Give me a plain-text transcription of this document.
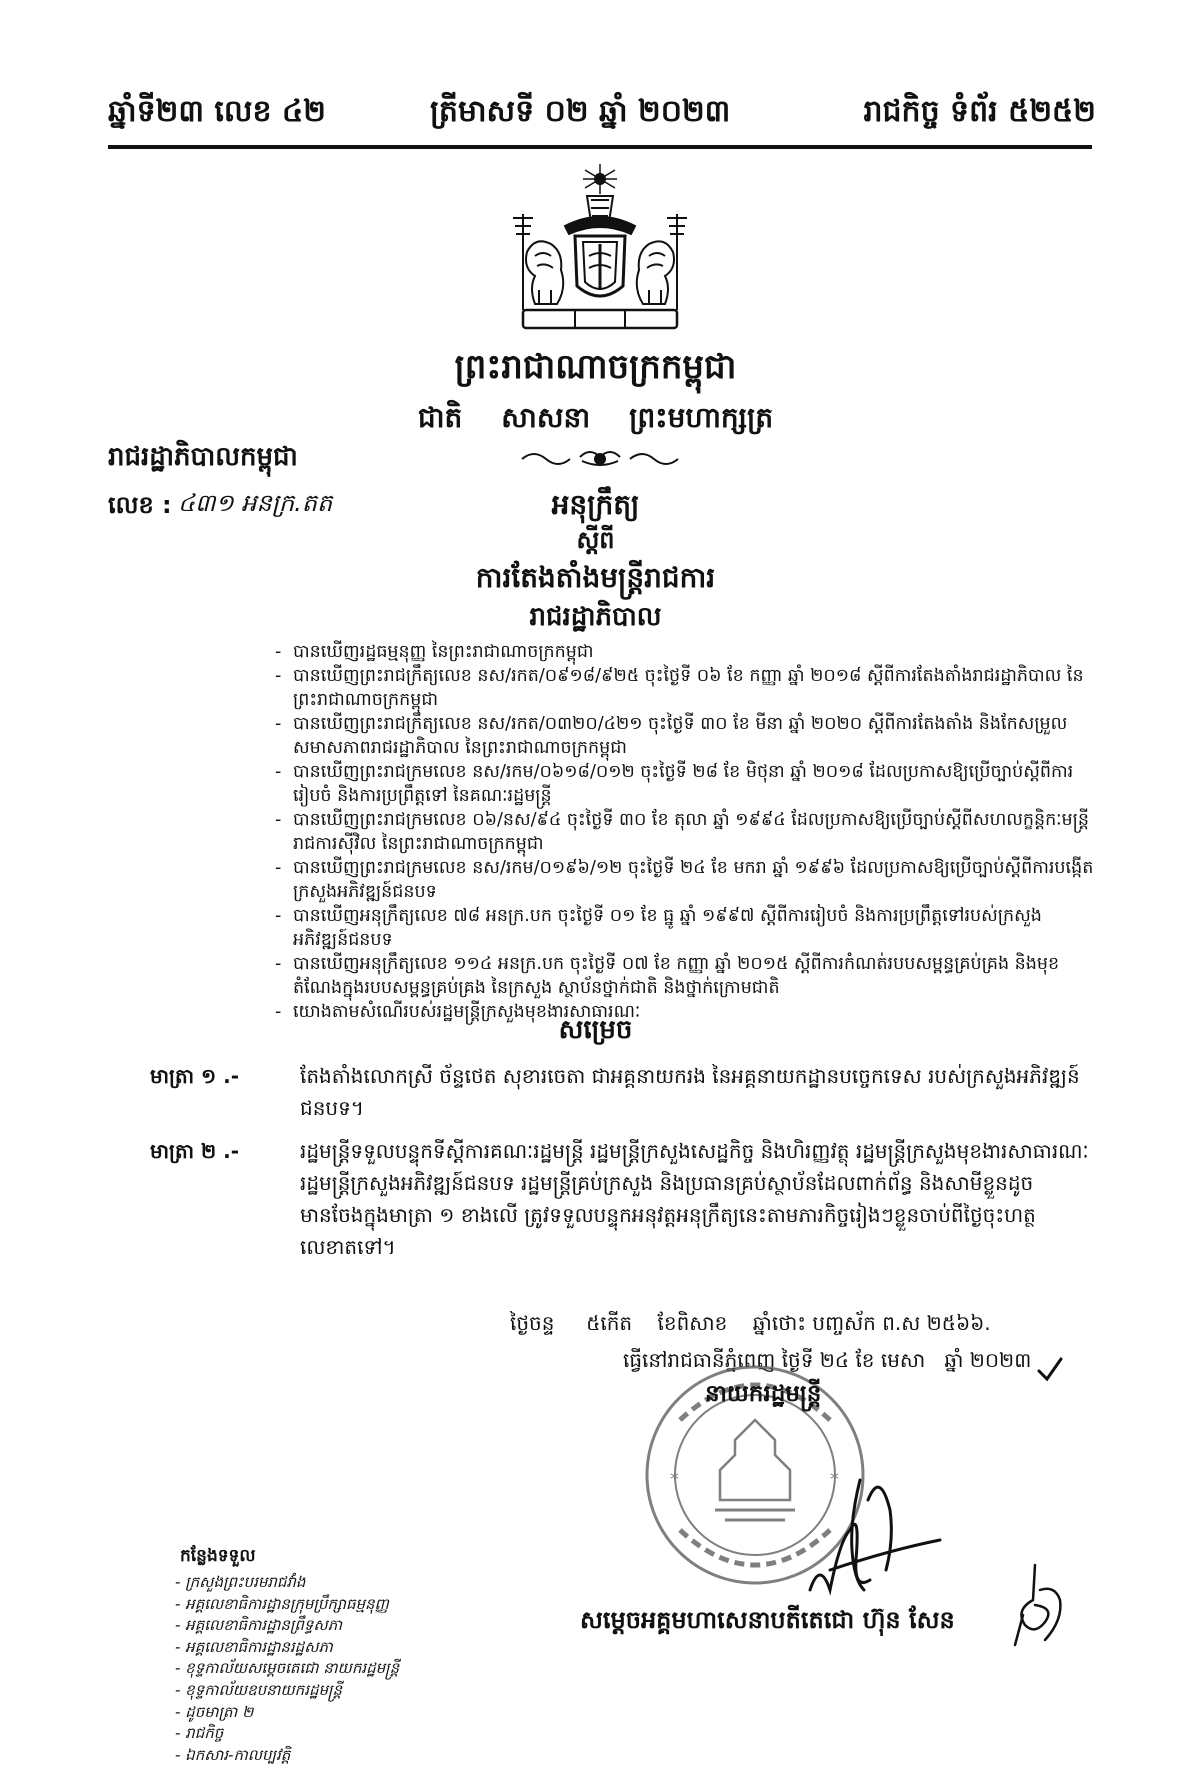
ឆ្នាំទី២៣ លេខ ៤២	ត្រីមាសទី ០២ ឆ្នាំ ២០២៣	រាជកិច្ច ទំព័រ ៥២៥២
ព្រះរាជាណាចក្រកម្ពុជា
ជាតិ    សាសនា    ព្រះមហាក្សត្រ
រាជរដ្ឋាភិបាលកម្ពុជា
លេខ : ៤៣១ អនក្រ.តត	អនុក្រឹត្យ
ស្តីពី
ការតែងតាំងមន្ត្រីរាជការ
រាជរដ្ឋាភិបាល
- បានឃើញរដ្ឋធម្មនុញ្ញ នៃព្រះរាជាណាចក្រកម្ពុជា
- បានឃើញព្រះរាជក្រឹត្យលេខ នស/រកត/០៩១៨/៩២៥ ចុះថ្ងៃទី ០៦ ខែ កញ្ញា ឆ្នាំ ២០១៨ ស្តីពីការតែងតាំងរាជរដ្ឋាភិបាល នៃព្រះរាជាណាចក្រកម្ពុជា
- បានឃើញព្រះរាជក្រឹត្យលេខ នស/រកត/០៣២០/៤២១ ចុះថ្ងៃទី ៣០ ខែ មីនា ឆ្នាំ ២០២០ ស្តីពីការតែងតាំង និងកែសម្រួលសមាសភាពរាជរដ្ឋាភិបាល នៃព្រះរាជាណាចក្រកម្ពុជា
- បានឃើញព្រះរាជក្រមលេខ នស/រកម/០៦១៨/០១២ ចុះថ្ងៃទី ២៨ ខែ មិថុនា ឆ្នាំ ២០១៨ ដែលប្រកាសឱ្យប្រើច្បាប់ស្តីពីការរៀបចំ និងការប្រព្រឹត្តទៅ នៃគណៈរដ្ឋមន្ត្រី
- បានឃើញព្រះរាជក្រមលេខ ០៦/នស/៩៤ ចុះថ្ងៃទី ៣០ ខែ តុលា ឆ្នាំ ១៩៩៤ ដែលប្រកាសឱ្យប្រើច្បាប់ស្តីពីសហលក្ខន្តិកៈមន្ត្រីរាជការស៊ីវិល នៃព្រះរាជាណាចក្រកម្ពុជា
- បានឃើញព្រះរាជក្រមលេខ នស/រកម/០១៩៦/១២ ចុះថ្ងៃទី ២៤ ខែ មករា ឆ្នាំ ១៩៩៦ ដែលប្រកាសឱ្យប្រើច្បាប់ស្តីពីការបង្កើតក្រសួងអភិវឌ្ឍន៍ជនបទ
- បានឃើញអនុក្រឹត្យលេខ ៧៨ អនក្រ.បក ចុះថ្ងៃទី ០១ ខែ ធ្នូ ឆ្នាំ ១៩៩៧ ស្តីពីការរៀបចំ និងការប្រព្រឹត្តទៅរបស់ក្រសួងអភិវឌ្ឍន៍ជនបទ
- បានឃើញអនុក្រឹត្យលេខ ១១៤ អនក្រ.បក ចុះថ្ងៃទី ០៧ ខែ កញ្ញា ឆ្នាំ ២០១៥ ស្តីពីការកំណត់របបសម្ពន្ធគ្រប់គ្រង និងមុខតំណែងក្នុងរបបសម្ពន្ធគ្រប់គ្រង នៃក្រសួង ស្ថាប័នថ្នាក់ជាតិ និងថ្នាក់ក្រោមជាតិ
- យោងតាមសំណើរបស់រដ្ឋមន្ត្រីក្រសួងមុខងារសាធារណៈ
សម្រេច
មាត្រា ១ .-	តែងតាំងលោកស្រី ច័ន្ទថេត សុខារចេតា ជាអគ្គនាយករង នៃអគ្គនាយកដ្ឋានបច្ចេកទេស របស់ក្រសួងអភិវឌ្ឍន៍ជនបទ។
មាត្រា ២ .-	រដ្ឋមន្ត្រីទទួលបន្ទុកទីស្តីការគណៈរដ្ឋមន្ត្រី រដ្ឋមន្ត្រីក្រសួងសេដ្ឋកិច្ច និងហិរញ្ញវត្ថុ រដ្ឋមន្ត្រីក្រសួងមុខងារសាធារណៈ រដ្ឋមន្ត្រីក្រសួងអភិវឌ្ឍន៍ជនបទ រដ្ឋមន្ត្រីគ្រប់ក្រសួង និងប្រធានគ្រប់ស្ថាប័នដែលពាក់ព័ន្ធ និងសាមីខ្លួនដូចមានចែងក្នុងមាត្រា ១ ខាងលើ ត្រូវទទួលបន្ទុកអនុវត្តអនុក្រឹត្យនេះតាមភារកិច្ចរៀងៗខ្លួនចាប់ពីថ្ងៃចុះហត្ថលេខាតទៅ។
ថ្ងៃចន្ទ     ៥កើត    ខែពិសាខ    ឆ្នាំថោះ បញ្ចស័ក ព.ស ២៥៦៦.
ធ្វើនៅរាជធានីភ្នំពេញ ថ្ងៃទី ២៤ ខែ មេសា   ឆ្នាំ ២០២៣
*	*
នាយករដ្ឋមន្ត្រី
កន្លែងទទួល
- ក្រសួងព្រះបរមរាជវាំង
- អគ្គលេខាធិការដ្ឋានក្រុមប្រឹក្សាធម្មនុញ្ញ
- អគ្គលេខាធិការដ្ឋានព្រឹទ្ធសភា
- អគ្គលេខាធិការដ្ឋានរដ្ឋសភា
- ខុទ្ទកាល័យសម្តេចតេជោ នាយករដ្ឋមន្ត្រី
- ខុទ្ទកាល័យឧបនាយករដ្ឋមន្ត្រី
- ដូចមាត្រា ២
- រាជកិច្ច
- ឯកសារ-កាលប្បវត្តិ
សម្តេចអគ្គមហាសេនាបតីតេជោ ហ៊ុន សែន
